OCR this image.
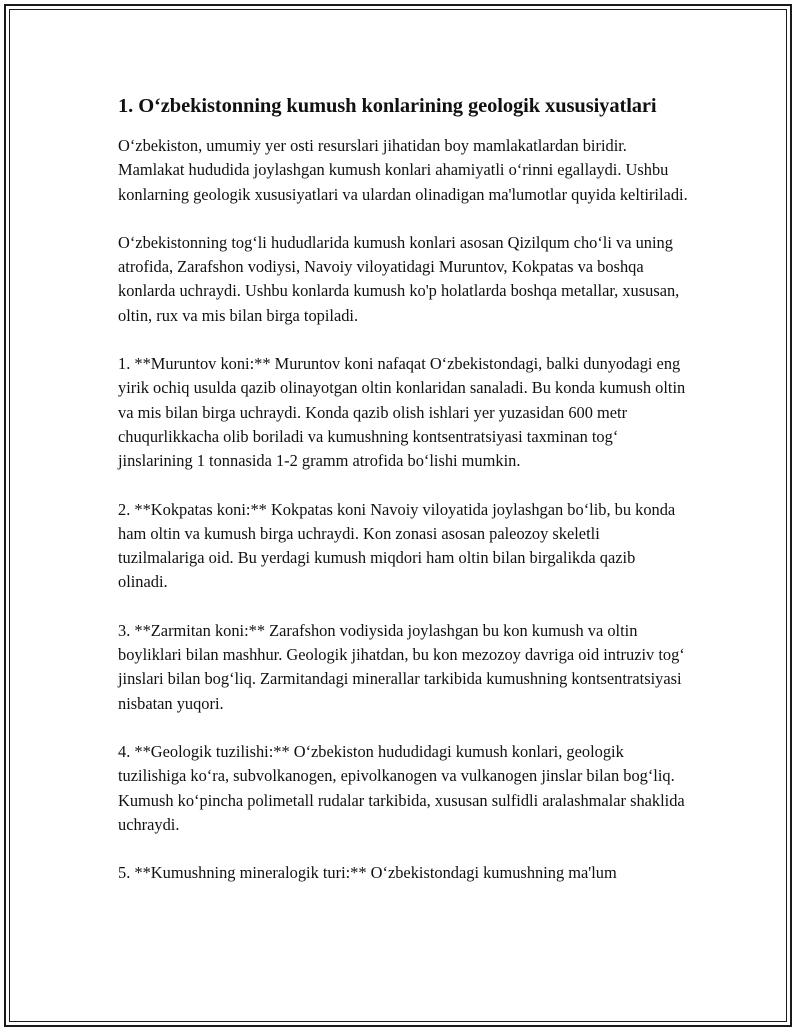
1. O‘zbekistonning kumush konlarining geologik xususiyatlari

O‘zbekiston, umumiy yer osti resurslari jihatidan boy mamlakatlardan biridir. Mamlakat hududida joylashgan kumush konlari ahamiyatli o‘rinni egallaydi. Ushbu konlarning geologik xususiyatlari va ulardan olinadigan ma'lumotlar quyida keltiriladi.

O‘zbekistonning tog‘li hududlarida kumush konlari asosan Qizilqum cho‘li va uning atrofida, Zarafshon vodiysi, Navoiy viloyatidagi Muruntov, Kokpatas va boshqa konlarda uchraydi. Ushbu konlarda kumush ko'p holatlarda boshqa metallar, xususan, oltin, rux va mis bilan birga topiladi.

1. **Muruntov koni:** Muruntov koni nafaqat O‘zbekistondagi, balki dunyodagi eng yirik ochiq usulda qazib olinayotgan oltin konlaridan sanaladi. Bu konda kumush oltin va mis bilan birga uchraydi. Konda qazib olish ishlari yer yuzasidan 600 metr chuqurlikkacha olib boriladi va kumushning kontsentratsiyasi taxminan tog‘ jinslarining 1 tonnasida 1-2 gramm atrofida bo‘lishi mumkin.

2. **Kokpatas koni:** Kokpatas koni Navoiy viloyatida joylashgan bo‘lib, bu konda ham oltin va kumush birga uchraydi. Kon zonasi asosan paleozoy skeletli tuzilmalariga oid. Bu yerdagi kumush miqdori ham oltin bilan birgalikda qazib olinadi.

3. **Zarmitan koni:** Zarafshon vodiysida joylashgan bu kon kumush va oltin boyliklari bilan mashhur. Geologik jihatdan, bu kon mezozoy davriga oid intruziv tog‘ jinslari bilan bog‘liq. Zarmitandagi minerallar tarkibida kumushning kontsentratsiyasi nisbatan yuqori.

4. **Geologik tuzilishi:** O‘zbekiston hududidagi kumush konlari, geologik tuzilishiga ko‘ra, subvolkanogen, epivolkanogen va vulkanogen jinslar bilan bog‘liq. Kumush ko‘pincha polimetall rudalar tarkibida, xususan sulfidli aralashmalar shaklida uchraydi.

5. **Kumushning mineralogik turi:** O‘zbekistondagi kumushning ma'lum
